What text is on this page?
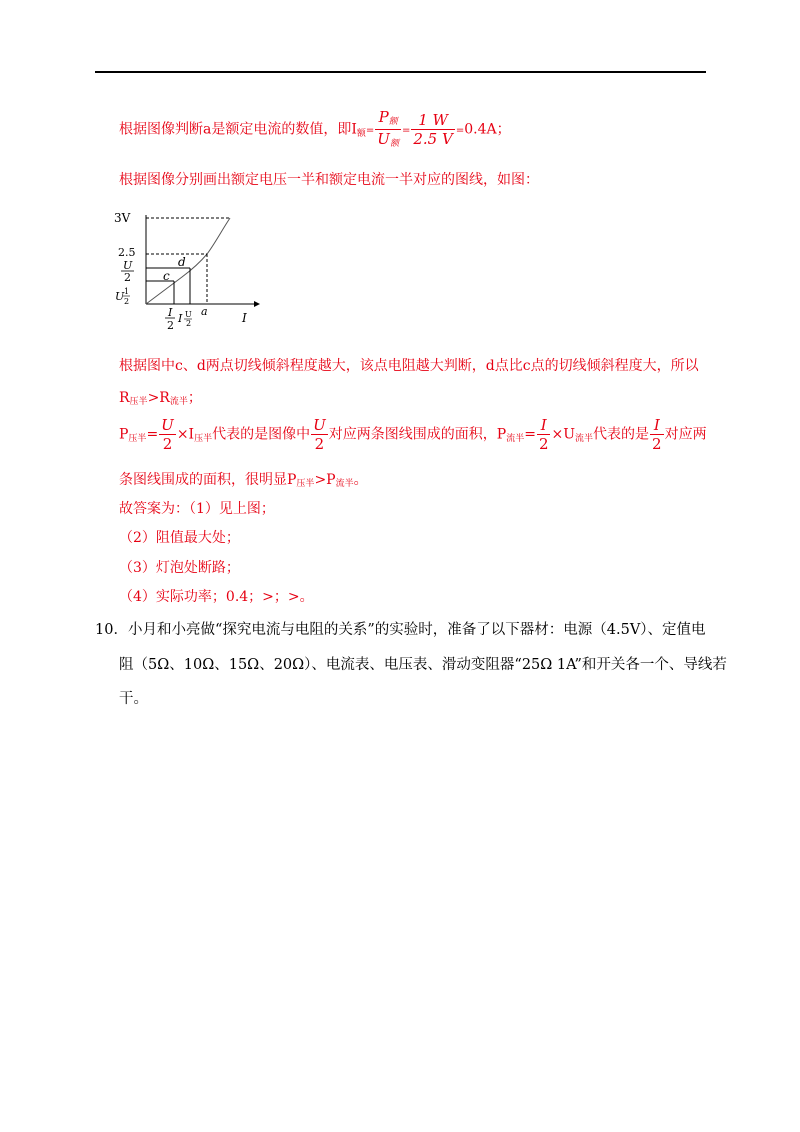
根据图像判断a是额定电流的数值，即I额= $\frac{\text{P额}}{\text{U额}} = \frac{1 W}{2.5 V} =0.4A$；
根据图像分别画出额定电压一半和额定电流一半对应的图线，如图：
3V
2.5
U
2
U 1
2
c
d
I
2
I U
2
a	I
根据图中c、d两点切线倾斜程度越大，该点电阻越大判断，d点比c点的切线倾斜程度大，所以
R压半>R流半；
P压半= $\frac{U}{2} \times I$压半代表的是图像中 $\frac{U}{2}$ 对应两条图线围成的面积，P流半= $\frac{I}{2} \times U$流半代表的是 $\frac{I}{2}$ 对应两
条图线围成的面积，很明显P压半>P流半。
故答案为：（1）见上图；
（2）阻值最大处；
（3）灯泡处断路；
（4）实际功率；0.4；>；>。
10．小月和小亮做“探究电流与电阻的关系”的实验时，准备了以下器材：电源（4.5V）、定值电
阻（5Ω、10Ω、15Ω、20Ω）、电流表、电压表、滑动变阻器“25Ω 1A”和开关各一个、导线若
干。
